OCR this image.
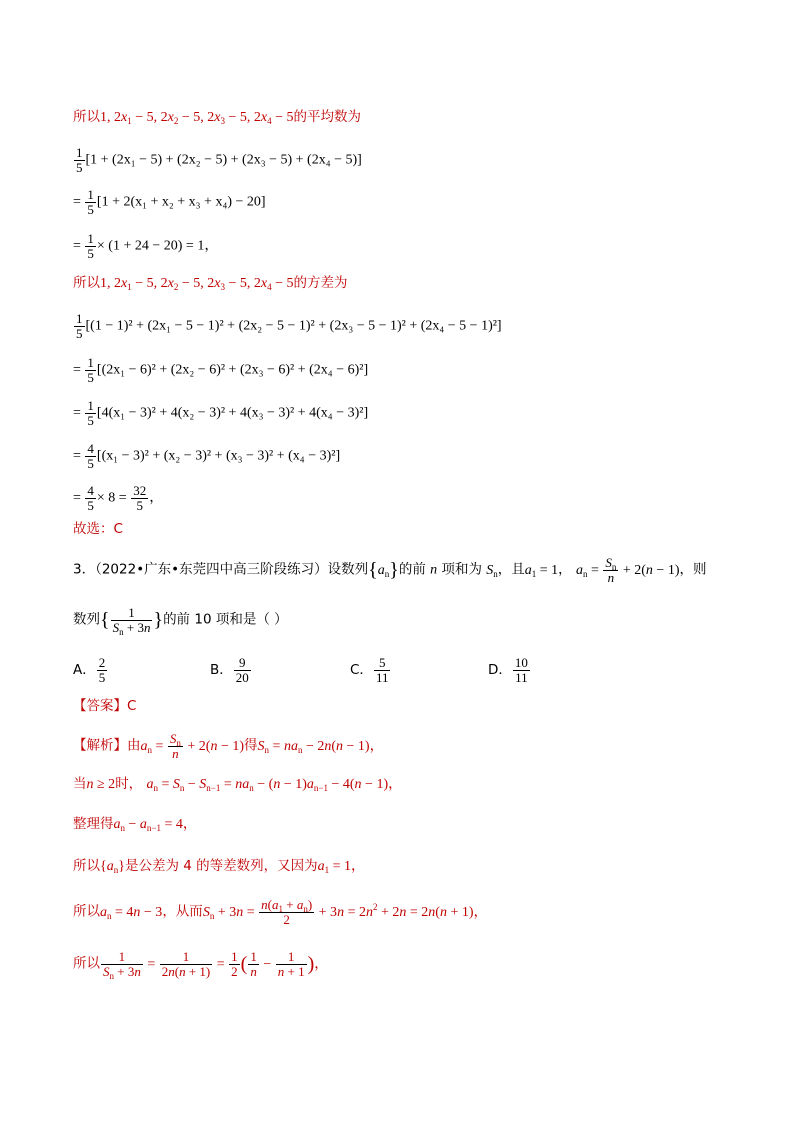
所以1, $2x_1 - 5$, $2x_2 - 5$, $2x_3 - 5$, $2x_4 - 5$的平均数为
$\frac{1}{5} [1 + (2x_1 - 5) + (2x_2 - 5) + (2x_3 - 5) + (2x_4 - 5)]$
= $\frac{1}{5} [1 + 2(x_1 + x_2 + x_3 + x_4) - 20]$
= $\frac{1}{5} \times (1 + 24 - 20) = 1$，
所以1, $2x_1 - 5$, $2x_2 - 5$, $2x_3 - 5$, $2x_4 - 5$的方差为
$\frac{1}{5} [(1 - 1)^2 + (2x_1 - 5 - 1)^2 + (2x_2 - 5 - 1)^2 + (2x_3 - 5 - 1)^2 + (2x_4 - 5 - 1)^2]$
= $\frac{1}{5} [(2x_1 - 6)^2 + (2x_2 - 6)^2 + (2x_3 - 6)^2 + (2x_4 - 6)^2]$
= $\frac{1}{5} [4(x_1 - 3)^2 + 4(x_2 - 3)^2 + 4(x_3 - 3)^2 + 4(x_4 - 3)^2]$
= $\frac{4}{5} [(x_1 - 3)^2 + (x_2 - 3)^2 + (x_3 - 3)^2 + (x_4 - 3)^2]$
= $\frac{4}{5} \times 8 = \frac{32}{5}$ ，
故选：C
3．（2022•广东•东莞四中高三阶段练习）设数列$\{a_n\}$的前 n 项和为 $S_n$，且$a_1 = 1$， $a_n = \frac{S_n}{n} + 2(n - 1)$，则
数列{ $\frac{1}{S_n + 3n}$ }的前 10 项和是（ ）
A． $\frac{2}{5}$	B． $\frac{9}{20}$	C． $\frac{5}{11}$	D． $\frac{10}{11}$
【答案】C
【解析】由$a_n = \frac{S_n}{n} + 2(n - 1)$得$S_n = na_n - 2n(n - 1)$，
当n ≥ 2时， $a_n = S_n - S_{n-1} = na_n - (n - 1)a_{n-1} - 4(n - 1)$，
整理得$a_n - a_{n-1} = 4$，
所以$\{a_n\}$是公差为 4 的等差数列，又因为$a_1 = 1$，
所以$a_n = 4n - 3$，从而$S_n + 3n = \frac{n(a_1 + a_n)}{2} + 3n = 2n^2 + 2n = 2n(n + 1)$，
所以 $\frac{1}{S_n + 3n} = \frac{1}{2n(n + 1)} = \frac{1}{2}$ ( $\frac{1}{n} - \frac{1}{n + 1}$ )，
